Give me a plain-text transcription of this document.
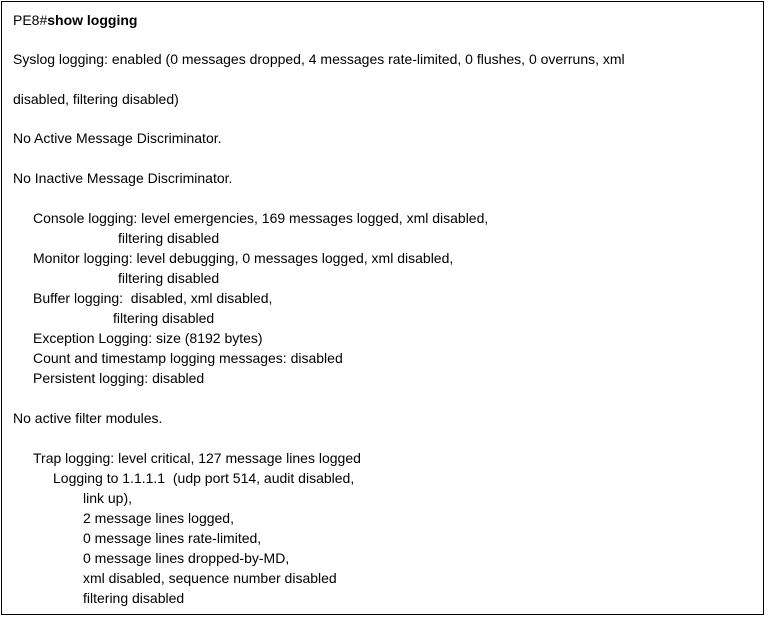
PE8#show logging
Syslog logging: enabled (0 messages dropped, 4 messages rate-limited, 0 flushes, 0 overruns, xml
disabled, filtering disabled)
No Active Message Discriminator.
No Inactive Message Discriminator.
Console logging: level emergencies, 169 messages logged, xml disabled,
filtering disabled
Monitor logging: level debugging, 0 messages logged, xml disabled,
filtering disabled
Buffer logging:  disabled, xml disabled,
filtering disabled
Exception Logging: size (8192 bytes)
Count and timestamp logging messages: disabled
Persistent logging: disabled
No active filter modules.
Trap logging: level critical, 127 message lines logged
Logging to 1.1.1.1  (udp port 514, audit disabled,
link up),
2 message lines logged,
0 message lines rate-limited,
0 message lines dropped-by-MD,
xml disabled, sequence number disabled
filtering disabled
